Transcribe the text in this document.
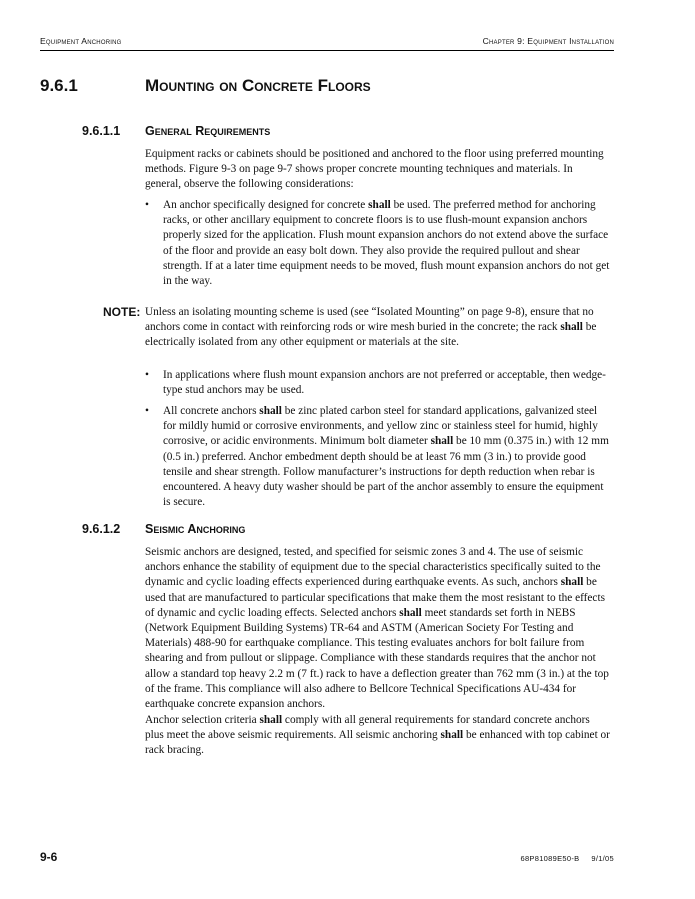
Equipment Anchoring	Chapter 9: Equipment Installation
9.6.1	Mounting on Concrete Floors
9.6.1.1 General Requirements

Equipment racks or cabinets should be positioned and anchored to the floor using preferred mounting methods. Figure 9-3 on page 9-7 shows proper concrete mounting techniques and materials. In general, observe the following considerations:

• An anchor specifically designed for concrete shall be used. The preferred method for anchoring racks, or other ancillary equipment to concrete floors is to use flush-mount expansion anchors properly sized for the application. Flush mount expansion anchors do not extend above the surface of the floor and provide an easy bolt down. They also provide the required pullout and shear strength. If at a later time equipment needs to be moved, flush mount expansion anchors do not get in the way.
NOTE: Unless an isolating mounting scheme is used (see “Isolated Mounting” on page 9-8), ensure that no anchors come in contact with reinforcing rods or wire mesh buried in the concrete; the rack shall be electrically isolated from any other equipment or materials at the site.

• In applications where flush mount expansion anchors are not preferred or acceptable, then wedge-type stud anchors may be used.
• All concrete anchors shall be zinc plated carbon steel for standard applications, galvanized steel for mildly humid or corrosive environments, and yellow zinc or stainless steel for humid, highly corrosive, or acidic environments. Minimum bolt diameter shall be 10 mm (0.375 in.) with 12 mm (0.5 in.) preferred. Anchor embedment depth should be at least 76 mm (3 in.) to provide good tensile and shear strength. Follow manufacturer’s instructions for depth reduction when rebar is encountered. A heavy duty washer should be part of the anchor assembly to ensure the equipment is secure.
9.6.1.2 Seismic Anchoring

Seismic anchors are designed, tested, and specified for seismic zones 3 and 4. The use of seismic anchors enhance the stability of equipment due to the special characteristics specifically suited to the dynamic and cyclic loading effects experienced during earthquake events. As such, anchors shall be used that are manufactured to particular specifications that make them the most resistant to the effects of dynamic and cyclic loading effects. Selected anchors shall meet standards set forth in NEBS (Network Equipment Building Systems) TR-64 and ASTM (American Society For Testing and Materials) 488-90 for earthquake compliance. This testing evaluates anchors for bolt failure from shearing and from pullout or slippage. Compliance with these standards requires that the anchor not allow a standard top heavy 2.2 m (7 ft.) rack to have a deflection greater than 762 mm (3 in.) at the top of the frame. This compliance will also adhere to Bellcore Technical Specifications AU-434 for earthquake concrete expansion anchors.

Anchor selection criteria shall comply with all general requirements for standard concrete anchors plus meet the above seismic requirements. All seismic anchoring shall be enhanced with top cabinet or rack bracing.

9-6	68P81089E50-B     9/1/05
